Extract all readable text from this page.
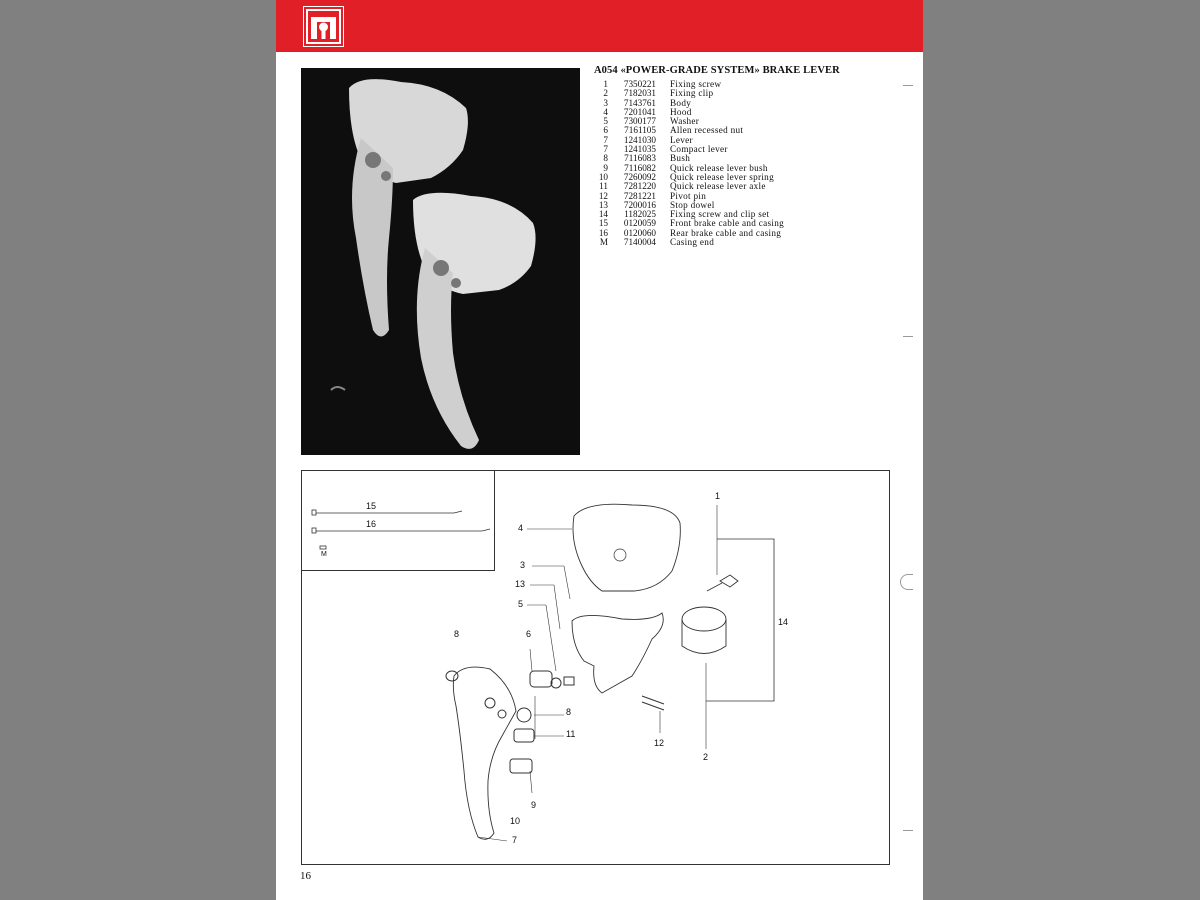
A054 «POWER-GRADE SYSTEM» BRAKE LEVER
1	7350221	Fixing screw
2	7182031	Fixing clip
3	7143761	Body
4	7201041	Hood
5	7300177	Washer
6	7161105	Allen recessed nut
7	1241030	Lever
7	1241035	Compact lever
8	7116083	Bush
9	7116082	Quick release lever bush
10	7260092	Quick release lever spring
11	7281220	Quick release lever axle
12	7281221	Pivot pin
13	7200016	Stop dowel
14	1182025	Fixing screw and clip set
15	0120059	Front brake cable and casing
16	0120060	Rear brake cable and casing
M	7140004	Casing end
15
16
M
1
4
3
13
5
8	6
14
8
11
12
2
9
10
7
16
